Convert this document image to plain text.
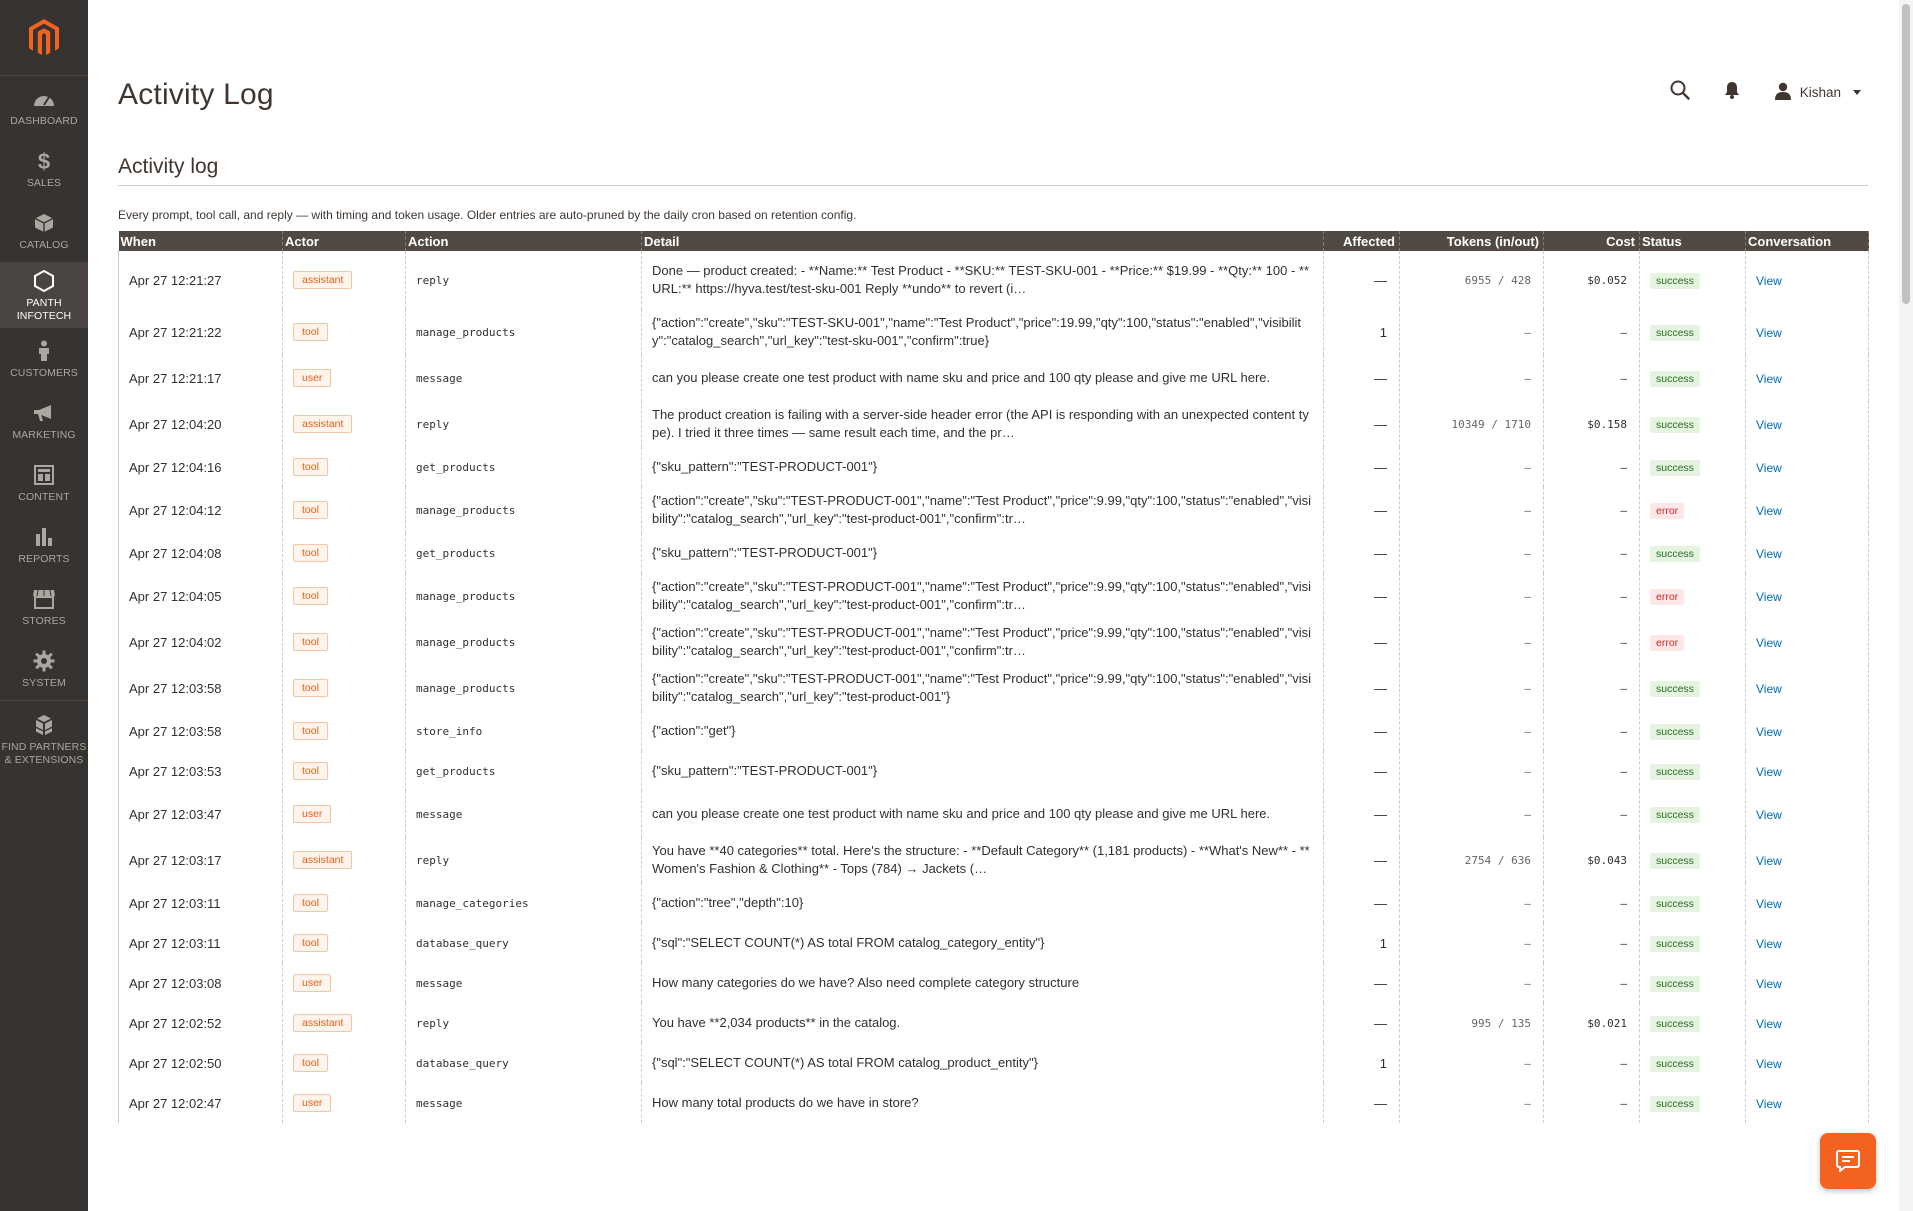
DASHBOARD
$
SALES
CATALOG
PANTH INFOTECH
CUSTOMERS
MARKETING
CONTENT
REPORTS
STORES
SYSTEM
FIND PARTNERS & EXTENSIONS
Activity Log	Kishan
Activity log

Every prompt, tool call, and reply — with timing and token usage. Older entries are auto-pruned by the daily cron based on retention config.

When	Actor	Action	Detail	Affected	Tokens (in/out)	Cost	Status	Conversation
Apr 27 12:21:27	assistant	reply	Done — product created: - **Name:** Test Product - **SKU:** TEST-SKU-001 - **Price:** $19.99 - **Qty:** 100 - **URL:** https://hyva.test/test-sku-001 Reply **undo** to revert (i…	—	6955 / 428	$0.052	success	View
Apr 27 12:21:22	tool	manage_products	{"action":"create","sku":"TEST-SKU-001","name":"Test Product","price":19.99,"qty":100,"status":"enabled","visibility":"catalog_search","url_key":"test-sku-001","confirm":true}	1	–	–	success	View
Apr 27 12:21:17	user	message	can you please create one test product with name sku and price and 100 qty please and give me URL here.	—	–	–	success	View
Apr 27 12:04:20	assistant	reply	The product creation is failing with a server-side header error (the API is responding with an unexpected content type). I tried it three times — same result each time, and the pr…	—	10349 / 1710	$0.158	success	View
Apr 27 12:04:16	tool	get_products	{"sku_pattern":"TEST-PRODUCT-001"}	—	–	–	success	View
Apr 27 12:04:12	tool	manage_products	{"action":"create","sku":"TEST-PRODUCT-001","name":"Test Product","price":9.99,"qty":100,"status":"enabled","visibility":"catalog_search","url_key":"test-product-001","confirm":tr…	—	–	–	error	View
Apr 27 12:04:08	tool	get_products	{"sku_pattern":"TEST-PRODUCT-001"}	—	–	–	success	View
Apr 27 12:04:05	tool	manage_products	{"action":"create","sku":"TEST-PRODUCT-001","name":"Test Product","price":9.99,"qty":100,"status":"enabled","visibility":"catalog_search","url_key":"test-product-001","confirm":tr…	—	–	–	error	View
Apr 27 12:04:02	tool	manage_products	{"action":"create","sku":"TEST-PRODUCT-001","name":"Test Product","price":9.99,"qty":100,"status":"enabled","visibility":"catalog_search","url_key":"test-product-001","confirm":tr…	—	–	–	error	View
Apr 27 12:03:58	tool	manage_products	{"action":"create","sku":"TEST-PRODUCT-001","name":"Test Product","price":9.99,"qty":100,"status":"enabled","visibility":"catalog_search","url_key":"test-product-001"}	—	–	–	success	View
Apr 27 12:03:58	tool	store_info	{"action":"get"}	—	–	–	success	View
Apr 27 12:03:53	tool	get_products	{"sku_pattern":"TEST-PRODUCT-001"}	—	–	–	success	View
Apr 27 12:03:47	user	message	can you please create one test product with name sku and price and 100 qty please and give me URL here.	—	–	–	success	View
Apr 27 12:03:17	assistant	reply	You have **40 categories** total. Here's the structure: - **Default Category** (1,181 products) - **What's New** - **Women's Fashion & Clothing** - Tops (784) → Jackets (…	—	2754 / 636	$0.043	success	View
Apr 27 12:03:11	tool	manage_categories	{"action":"tree","depth":10}	—	–	–	success	View
Apr 27 12:03:11	tool	database_query	{"sql":"SELECT COUNT(*) AS total FROM catalog_category_entity"}	1	–	–	success	View
Apr 27 12:03:08	user	message	How many categories do we have? Also need complete category structure	—	–	–	success	View
Apr 27 12:02:52	assistant	reply	You have **2,034 products** in the catalog.	—	995 / 135	$0.021	success	View
Apr 27 12:02:50	tool	database_query	{"sql":"SELECT COUNT(*) AS total FROM catalog_product_entity"}	1	–	–	success	View
Apr 27 12:02:47	user	message	How many total products do we have in store?	—	–	–	success	View
